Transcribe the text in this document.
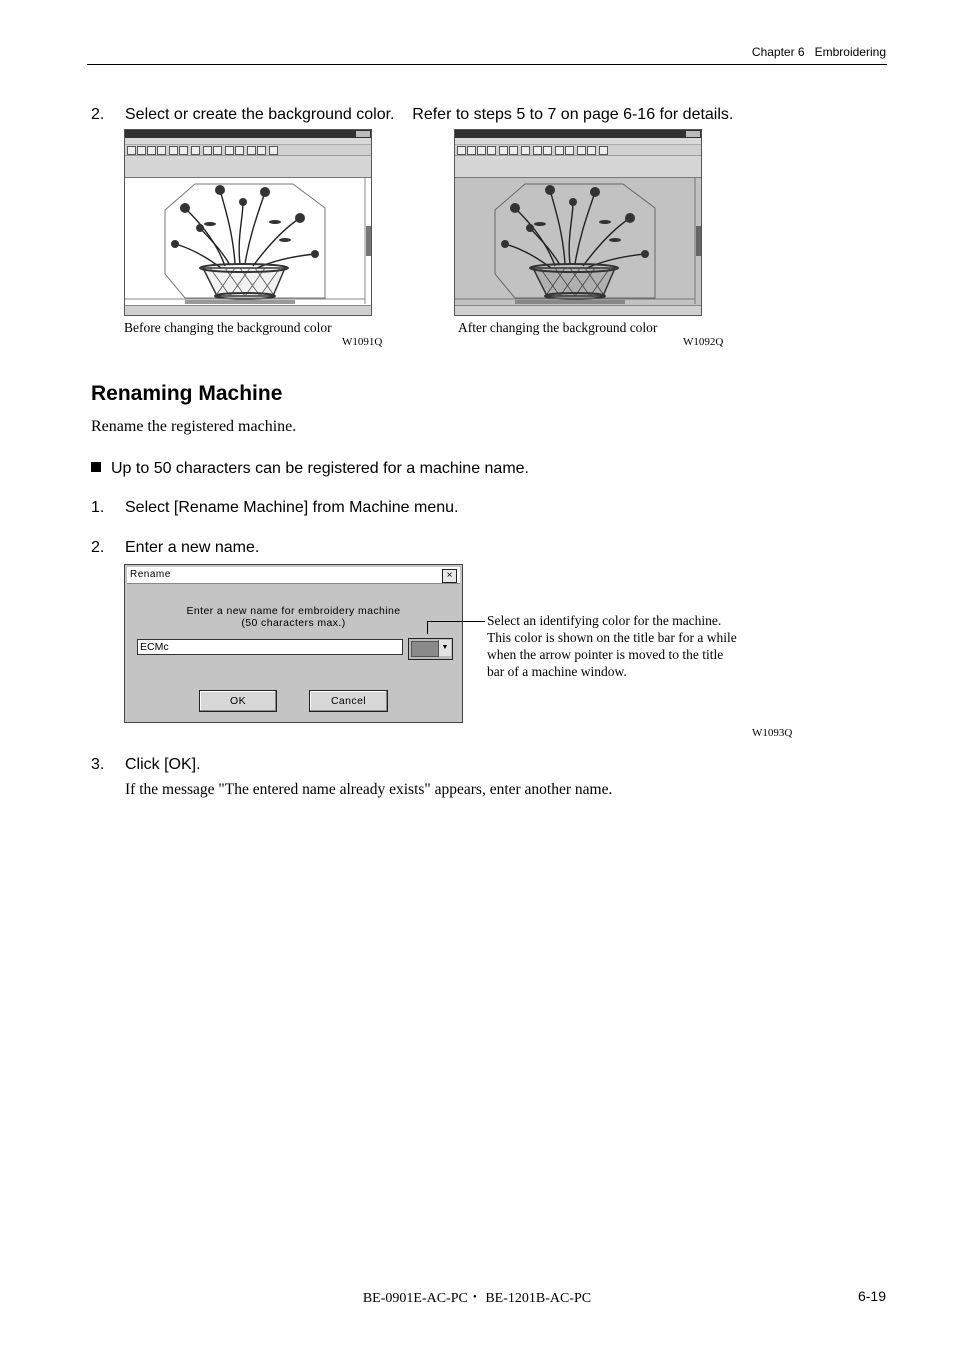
Chapter 6 Embroidering
2. Select or create the background color.    Refer to steps 5 to 7 on page 6-16 for details.
Before changing the background color
W1091Q
After changing the background color
W1092Q
Renaming Machine
Rename the registered machine.
Up to 50 characters can be registered for a machine name.
1. Select [Rename Machine] from Machine menu.
2. Enter a new name.
Rename	×
Enter a new name for embroidery machine
(50 characters max.)
ECMc	▼
OK	Cancel
Select an identifying color for the machine.
This color is shown on the title bar for a while
when the arrow pointer is moved to the title
bar of a machine window.
W1093Q
3. Click [OK].
If the message "The entered name already exists" appears, enter another name.
BE-0901E-AC-PC・ BE-1201B-AC-PC	6-19
